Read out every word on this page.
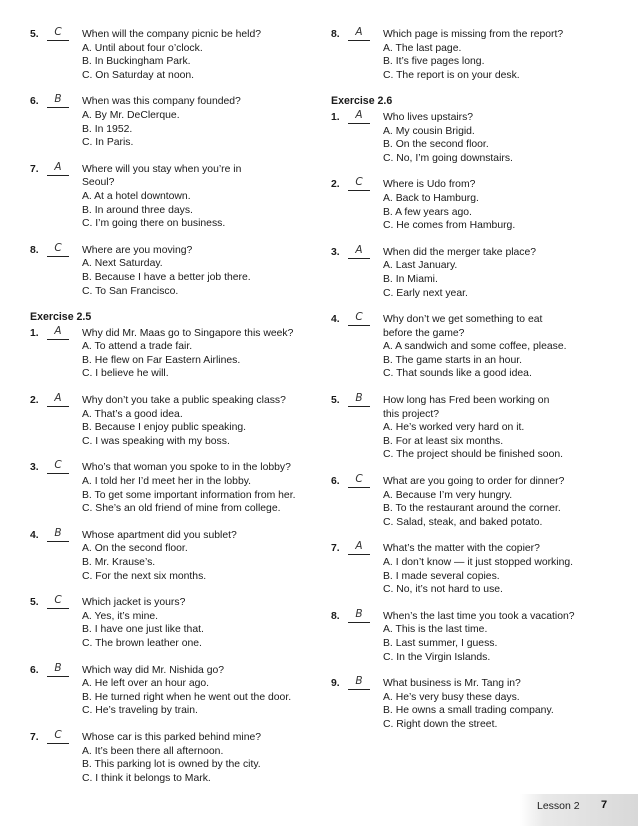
5.	C	When will the company picnic be held?
A. Until about four o’clock.
B. In Buckingham Park.
C. On Saturday at noon.
6.	B	When was this company founded?
A. By Mr. DeClerque.
B. In 1952.
C. In Paris.
7.	A	Where will you stay when you’re in
Seoul?
A. At a hotel downtown.
B. In around three days.
C. I’m going there on business.
8.	C	Where are you moving?
A. Next Saturday.
B. Because I have a better job there.
C. To San Francisco.
Exercise 2.5
1.	A	Why did Mr. Maas go to Singapore this week?
A. To attend a trade fair.
B. He flew on Far Eastern Airlines.
C. I believe he will.
2.	A	Why don’t you take a public speaking class?
A. That’s a good idea.
B. Because I enjoy public speaking.
C. I was speaking with my boss.
3.	C	Who’s that woman you spoke to in the lobby?
A. I told her I’d meet her in the lobby.
B. To get some important information from her.
C. She’s an old friend of mine from college.
4.	B	Whose apartment did you sublet?
A. On the second floor.
B. Mr. Krause’s.
C. For the next six months.
5.	C	Which jacket is yours?
A. Yes, it’s mine.
B. I have one just like that.
C. The brown leather one.
6.	B	Which way did Mr. Nishida go?
A. He left over an hour ago.
B. He turned right when he went out the door.
C. He’s traveling by train.
7.	C	Whose car is this parked behind mine?
A. It’s been there all afternoon.
B. This parking lot is owned by the city.
C. I think it belongs to Mark.
8.	A	Which page is missing from the report?
A. The last page.
B. It’s five pages long.
C. The report is on your desk.
Exercise 2.6
1.	A	Who lives upstairs?
A. My cousin Brigid.
B. On the second floor.
C. No, I’m going downstairs.
2.	C	Where is Udo from?
A. Back to Hamburg.
B. A few years ago.
C. He comes from Hamburg.
3.	A	When did the merger take place?
A. Last January.
B. In Miami.
C. Early next year.
4.	C	Why don’t we get something to eat
before the game?
A. A sandwich and some coffee, please.
B. The game starts in an hour.
C. That sounds like a good idea.
5.	B	How long has Fred been working on
this project?
A. He’s worked very hard on it.
B. For at least six months.
C. The project should be finished soon.
6.	C	What are you going to order for dinner?
A. Because I’m very hungry.
B. To the restaurant around the corner.
C. Salad, steak, and baked potato.
7.	A	What’s the matter with the copier?
A. I don’t know — it just stopped working.
B. I made several copies.
C. No, it’s not hard to use.
8.	B	When’s the last time you took a vacation?
A. This is the last time.
B. Last summer, I guess.
C. In the Virgin Islands.
9.	B	What business is Mr. Tang in?
A. He’s very busy these days.
B. He owns a small trading company.
C. Right down the street.
Lesson 2 7
